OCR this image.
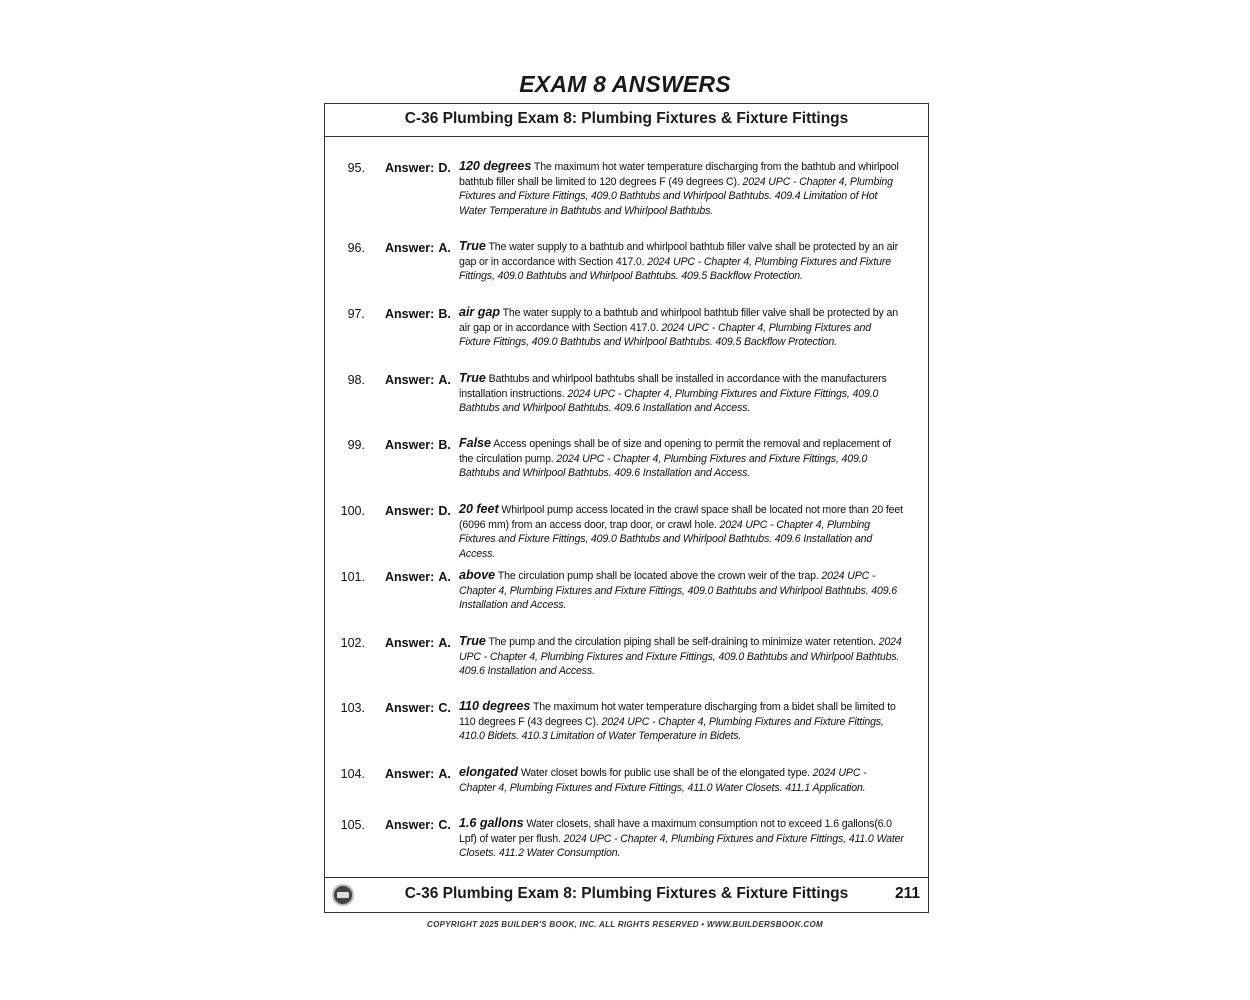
EXAM 8 ANSWERS
C-36 Plumbing Exam 8: Plumbing Fixtures & Fixture Fittings
95. Answer: D. 120 degrees The maximum hot water temperature discharging from the bathtub and whirlpool bathtub filler shall be limited to 120 degrees F (49 degrees C). 2024 UPC - Chapter 4, Plumbing Fixtures and Fixture Fittings, 409.0 Bathtubs and Whirlpool Bathtubs. 409.4 Limitation of Hot Water Temperature in Bathtubs and Whirlpool Bathtubs.
96. Answer: A. True The water supply to a bathtub and whirlpool bathtub filler valve shall be protected by an air gap or in accordance with Section 417.0. 2024 UPC - Chapter 4, Plumbing Fixtures and Fixture Fittings, 409.0 Bathtubs and Whirlpool Bathtubs. 409.5 Backflow Protection.
97. Answer: B. air gap The water supply to a bathtub and whirlpool bathtub filler valve shall be protected by an air gap or in accordance with Section 417.0. 2024 UPC - Chapter 4, Plumbing Fixtures and Fixture Fittings, 409.0 Bathtubs and Whirlpool Bathtubs. 409.5 Backflow Protection.
98. Answer: A. True Bathtubs and whirlpool bathtubs shall be installed in accordance with the manufacturers installation instructions. 2024 UPC - Chapter 4, Plumbing Fixtures and Fixture Fittings, 409.0 Bathtubs and Whirlpool Bathtubs. 409.6 Installation and Access.
99. Answer: B. False Access openings shall be of size and opening to permit the removal and replacement of the circulation pump. 2024 UPC - Chapter 4, Plumbing Fixtures and Fixture Fittings, 409.0 Bathtubs and Whirlpool Bathtubs. 409.6 Installation and Access.
100. Answer: D. 20 feet Whirlpool pump access located in the crawl space shall be located not more than 20 feet (6096 mm) from an access door, trap door, or crawl hole. 2024 UPC - Chapter 4, Plumbing Fixtures and Fixture Fittings, 409.0 Bathtubs and Whirlpool Bathtubs. 409.6 Installation and Access.
101. Answer: A. above The circulation pump shall be located above the crown weir of the trap. 2024 UPC - Chapter 4, Plumbing Fixtures and Fixture Fittings, 409.0 Bathtubs and Whirlpool Bathtubs. 409.6 Installation and Access.
102. Answer: A. True The pump and the circulation piping shall be self-draining to minimize water retention. 2024 UPC - Chapter 4, Plumbing Fixtures and Fixture Fittings, 409.0 Bathtubs and Whirlpool Bathtubs. 409.6 Installation and Access.
103. Answer: C. 110 degrees The maximum hot water temperature discharging from a bidet shall be limited to 110 degrees F (43 degrees C). 2024 UPC - Chapter 4, Plumbing Fixtures and Fixture Fittings, 410.0 Bidets. 410.3 Limitation of Water Temperature in Bidets.
104. Answer: A. elongated Water closet bowls for public use shall be of the elongated type. 2024 UPC - Chapter 4, Plumbing Fixtures and Fixture Fittings, 411.0 Water Closets. 411.1 Application.
105. Answer: C. 1.6 gallons Water closets, shall have a maximum consumption not to exceed 1.6 gallons(6.0 Lpf) of water per flush. 2024 UPC - Chapter 4, Plumbing Fixtures and Fixture Fittings, 411.0 Water Closets. 411.2 Water Consumption.
C-36 Plumbing Exam 8: Plumbing Fixtures & Fixture Fittings	211
COPYRIGHT 2025 BUILDER'S BOOK, INC. ALL RIGHTS RESERVED • WWW.BUILDERSBOOK.COM
